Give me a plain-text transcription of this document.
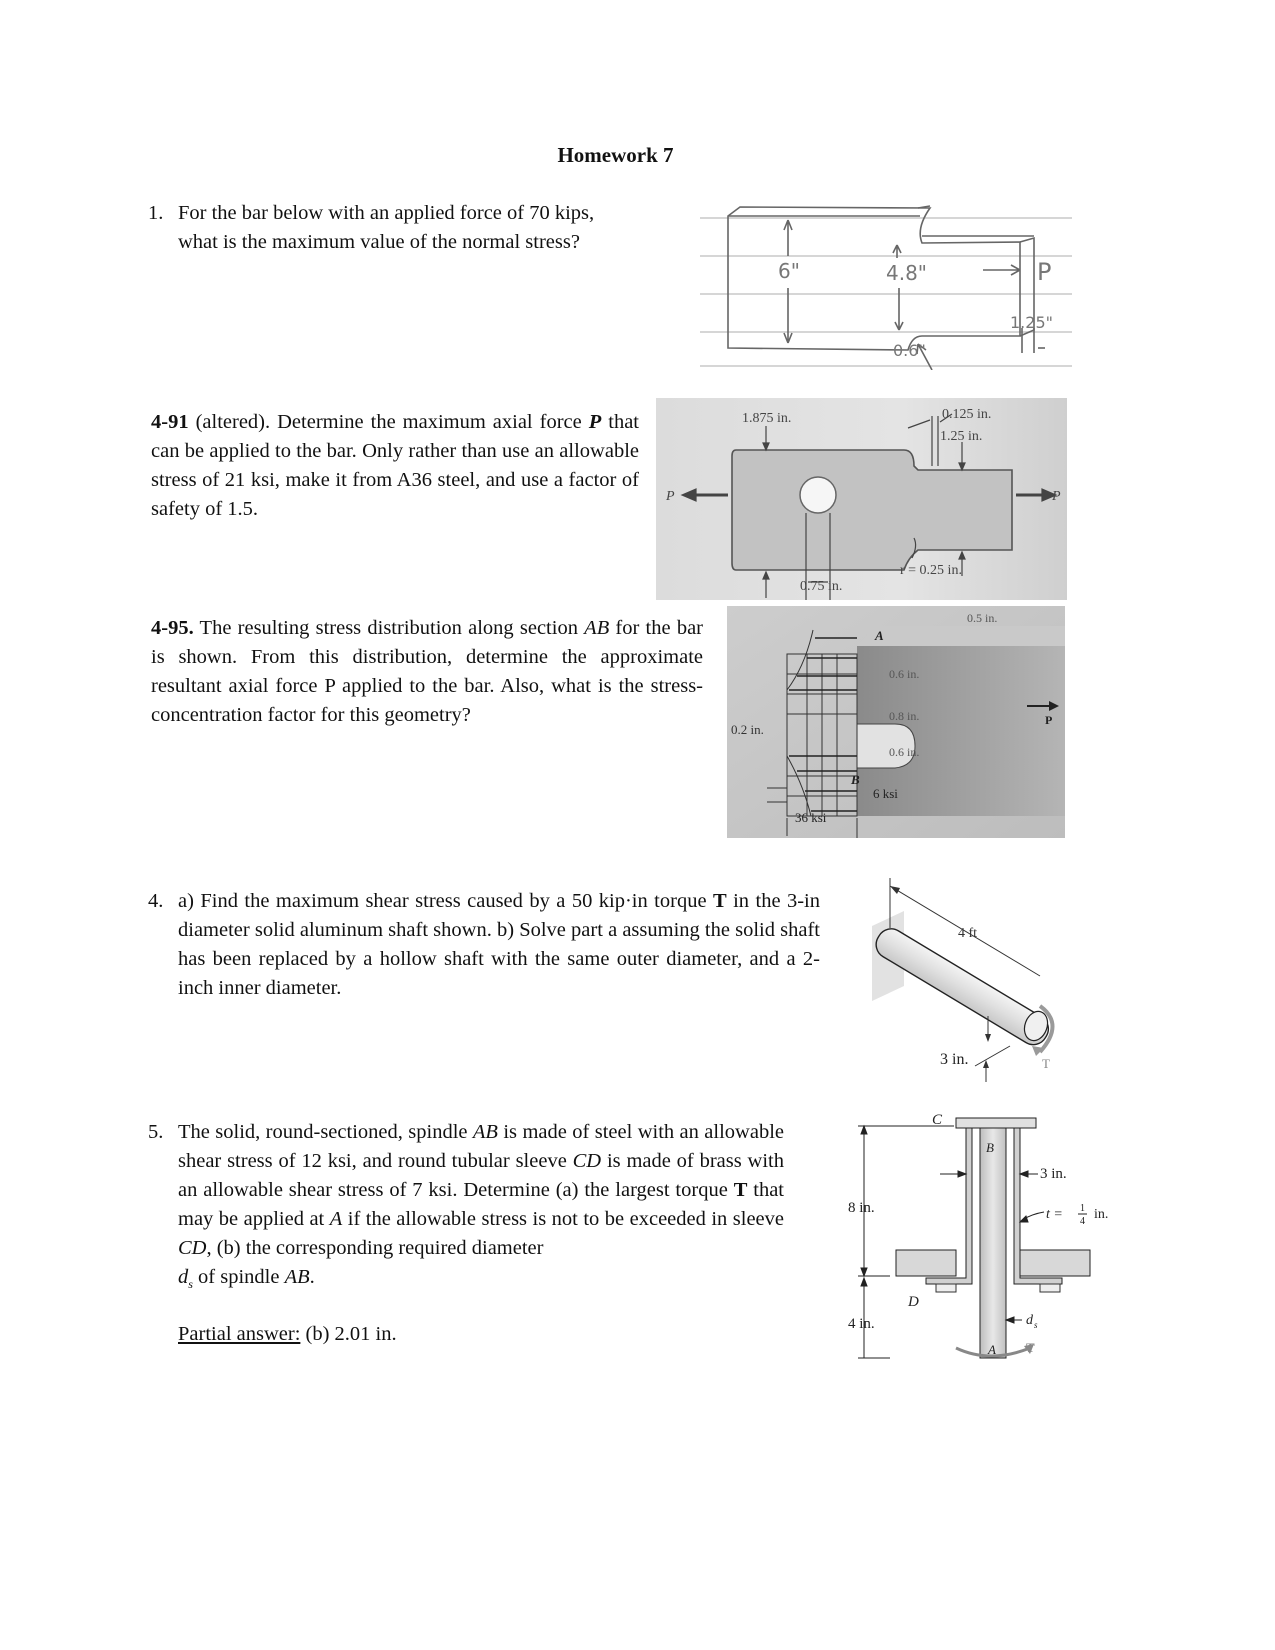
Homework 7
1. For the bar below with an applied force of 70 kips,
what is the maximum value of the normal stress?
6"	4.8"	P
1.25"
0.6"
4-91 (altered). Determine the maximum axial force P that can be applied to the bar. Only rather than use an allowable stress of 21 ksi, make it from A36 steel, and use a factor of safety of 1.5.
1.875 in.	0.125 in.
1.25 in.
P	P
r = 0.25 in.
0.75 in.
4-95. The resulting stress distribution along section AB for the bar is shown. From this distribution, determine the approximate resultant axial force P applied to the bar. Also, what is the stress-concentration factor for this geometry?
A
0.5 in.
0.6 in.
0.8 in.
0.6 in.
0.2 in.
B
6 ksi
36 ksi
P
4. a) Find the maximum shear stress caused by a 50 kip·in torque T in the 3-in diameter solid aluminum shaft shown. b) Solve part a assuming the solid shaft has been replaced by a hollow shaft with the same outer diameter, and a 2-inch inner diameter.
4 ft
3 in.	T
5. The solid, round-sectioned, spindle AB is made of steel with an allowable shear stress of 12 ksi, and round tubular sleeve CD is made of brass with an allowable shear stress of 7 ksi. Determine (a) the largest torque T that may be applied at A if the allowable stress is not to be exceeded in sleeve CD, (b) the corresponding required diameter
$d_s$ of spindle AB.
Partial answer: (b) 2.01 in.
C
B
D
A
3 in.
t = 1
4 in.
8 in.
4 in.	d s
T
